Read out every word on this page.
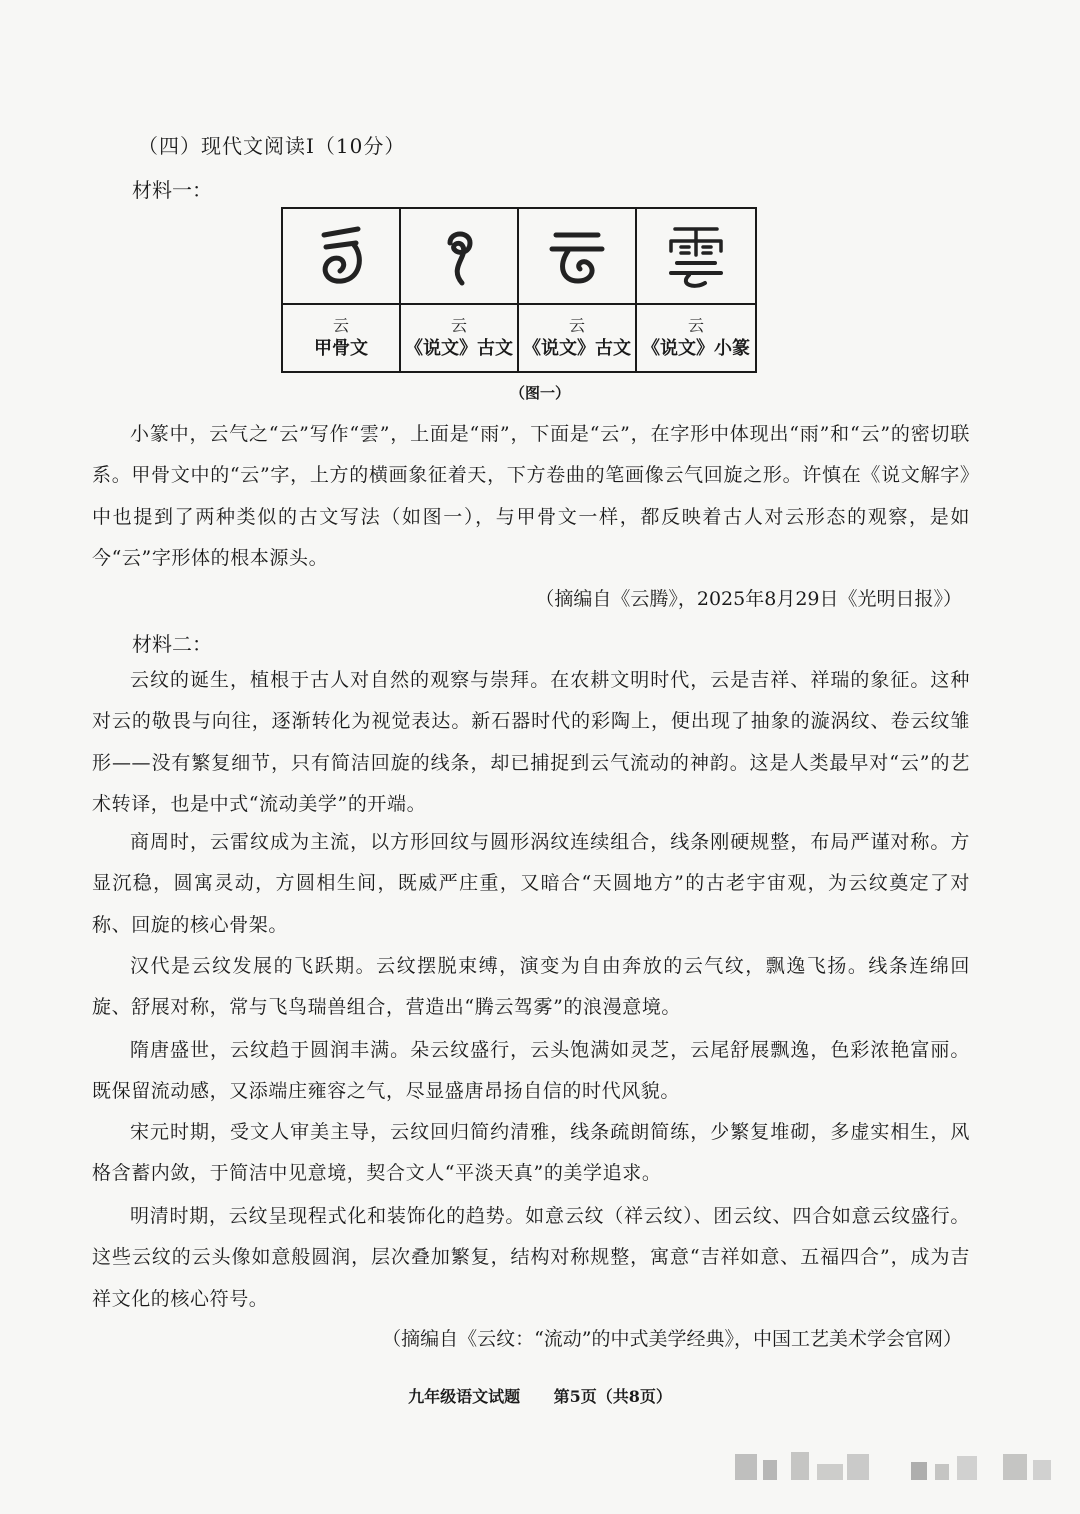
（四）现代文阅读Ⅰ（10分）
材料一：
云
甲骨文
云
《说文》古文
云
《说文》古文
云
《说文》小篆
（图一）

小篆中，云气之“云”写作“雲”，上面是“雨”，下面是“云”，在字形中体现出“雨”和“云”的密切联系。甲骨文中的“云”字，上方的横画象征着天，下方卷曲的笔画像云气回旋之形。许慎在《说文解字》中也提到了两种类似的古文写法（如图一），与甲骨文一样，都反映着古人对云形态的观察，是如今“云”字形体的根本源头。

（摘编自《云腾》，2025年8月29日《光明日报》）
材料二：

云纹的诞生，植根于古人对自然的观察与崇拜。在农耕文明时代，云是吉祥、祥瑞的象征。这种对云的敬畏与向往，逐渐转化为视觉表达。新石器时代的彩陶上，便出现了抽象的漩涡纹、卷云纹雏形——没有繁复细节，只有简洁回旋的线条，却已捕捉到云气流动的神韵。这是人类最早对“云”的艺术转译，也是中式“流动美学”的开端。

商周时，云雷纹成为主流，以方形回纹与圆形涡纹连续组合，线条刚硬规整，布局严谨对称。方显沉稳，圆寓灵动，方圆相生间，既威严庄重，又暗合“天圆地方”的古老宇宙观，为云纹奠定了对称、回旋的核心骨架。

汉代是云纹发展的飞跃期。云纹摆脱束缚，演变为自由奔放的云气纹，飘逸飞扬。线条连绵回旋、舒展对称，常与飞鸟瑞兽组合，营造出“腾云驾雾”的浪漫意境。

隋唐盛世，云纹趋于圆润丰满。朵云纹盛行，云头饱满如灵芝，云尾舒展飘逸，色彩浓艳富丽。既保留流动感，又添端庄雍容之气，尽显盛唐昂扬自信的时代风貌。

宋元时期，受文人审美主导，云纹回归简约清雅，线条疏朗简练，少繁复堆砌，多虚实相生，风格含蓄内敛，于简洁中见意境，契合文人“平淡天真”的美学追求。

明清时期，云纹呈现程式化和装饰化的趋势。如意云纹（祥云纹）、团云纹、四合如意云纹盛行。这些云纹的云头像如意般圆润，层次叠加繁复，结构对称规整，寓意“吉祥如意、五福四合”，成为吉祥文化的核心符号。

（摘编自《云纹：“流动”的中式美学经典》，中国工艺美术学会官网）
九年级语文试题 第5页（共8页）
